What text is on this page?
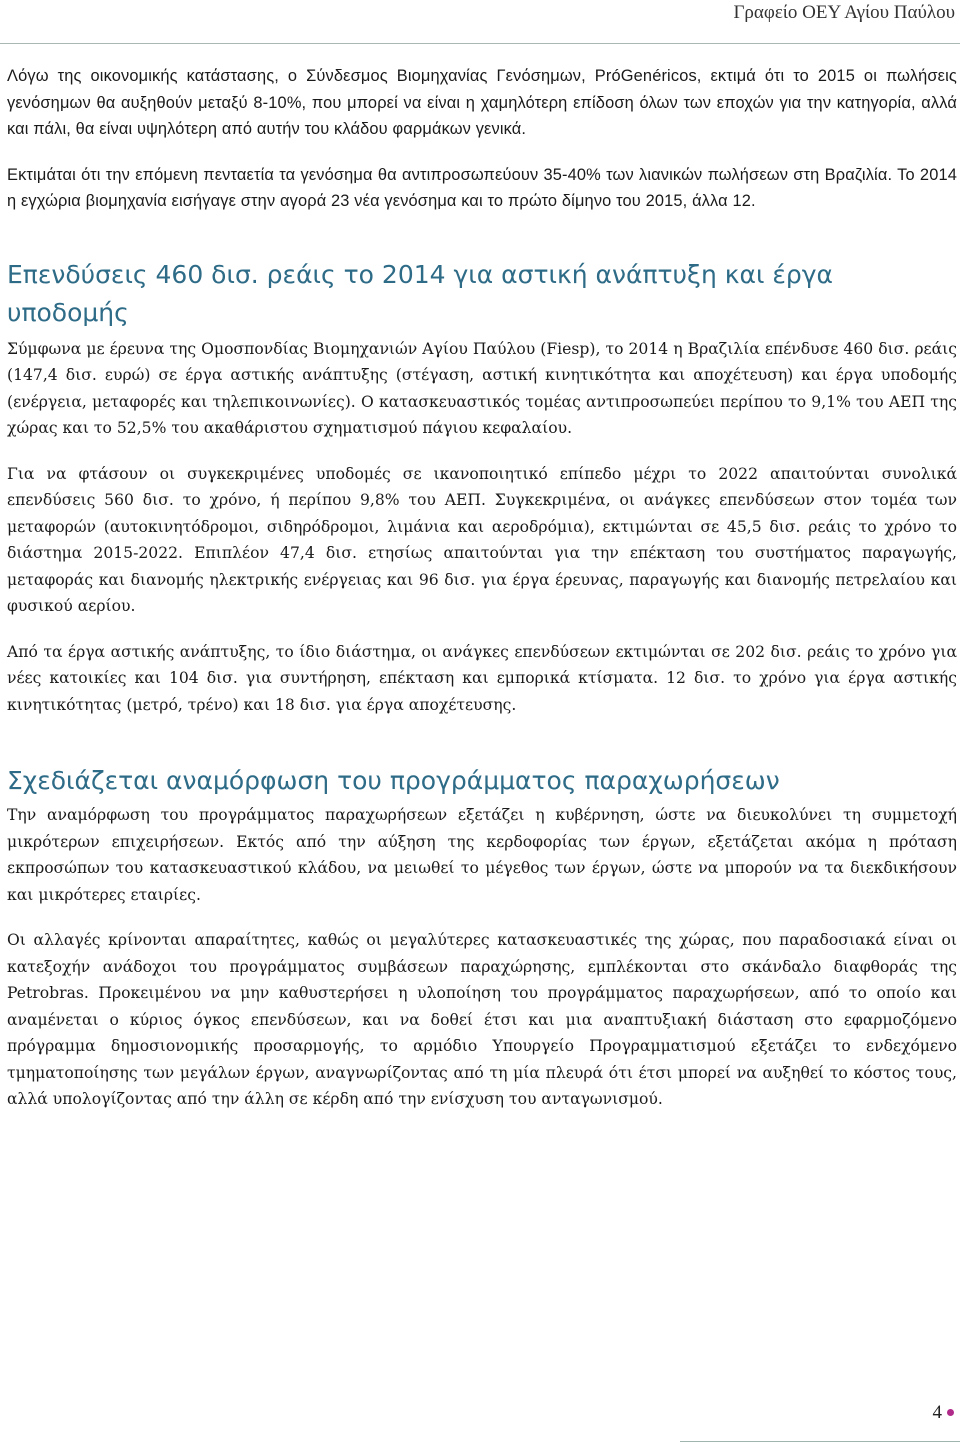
Γραφείο ΟΕΥ Αγίου Παύλου

Λόγω της οικονομικής κατάστασης, ο Σύνδεσμος Βιομηχανίας Γενόσημων, PróGenéricos, εκτιμά ότι το 2015 οι πωλήσεις γενόσημων θα αυξηθούν μεταξύ 8-10%, που μπορεί να είναι η χαμηλότερη επίδοση όλων των εποχών για την κατηγορία, αλλά και πάλι, θα είναι υψηλότερη από αυτήν του κλάδου φαρμάκων γενικά.

Εκτιμάται ότι την επόμενη πενταετία τα γενόσημα θα αντιπροσωπεύουν 35-40% των λιανικών πωλήσεων στη Βραζιλία. Το 2014 η εγχώρια βιομηχανία εισήγαγε στην αγορά 23 νέα γενόσημα και το πρώτο δίμηνο του 2015, άλλα 12.

Επενδύσεις 460 δισ. ρεάις το 2014 για αστική ανάπτυξη και έργα υποδομής

Σύμφωνα με έρευνα της Ομοσπονδίας Βιομηχανιών Αγίου Παύλου (Fiesp), το 2014 η Βραζιλία επένδυσε 460 δισ. ρεάις (147,4 δισ. ευρώ) σε έργα αστικής ανάπτυξης (στέγαση, αστική κινητικότητα και αποχέτευση) και έργα υποδομής (ενέργεια, μεταφορές και τηλεπικοινωνίες). Ο κατασκευαστικός τομέας αντιπροσωπεύει περίπου το 9,1% του ΑΕΠ της χώρας και το 52,5% του ακαθάριστου σχηματισμού πάγιου κεφαλαίου.

Για να φτάσουν οι συγκεκριμένες υποδομές σε ικανοποιητικό επίπεδο μέχρι το 2022 απαιτούνται συνολικά επενδύσεις 560 δισ. το χρόνο, ή περίπου 9,8% του ΑΕΠ. Συγκεκριμένα, οι ανάγκες επενδύσεων στον τομέα των μεταφορών (αυτοκινητόδρομοι, σιδηρόδρομοι, λιμάνια και αεροδρόμια), εκτιμώνται σε 45,5 δισ. ρεάις το χρόνο το διάστημα 2015-2022. Επιπλέον 47,4 δισ. ετησίως απαιτούνται για την επέκταση του συστήματος παραγωγής, μεταφοράς και διανομής ηλεκτρικής ενέργειας και 96 δισ. για έργα έρευνας, παραγωγής και διανομής πετρελαίου και φυσικού αερίου.

Από τα έργα αστικής ανάπτυξης, το ίδιο διάστημα, οι ανάγκες επενδύσεων εκτιμώνται σε 202 δισ. ρεάις το χρόνο για νέες κατοικίες και 104 δισ. για συντήρηση, επέκταση και εμπορικά κτίσματα. 12 δισ. το χρόνο για έργα αστικής κινητικότητας (μετρό, τρένο) και 18 δισ. για έργα αποχέτευσης.

Σχεδιάζεται αναμόρφωση του προγράμματος παραχωρήσεων

Την αναμόρφωση του προγράμματος παραχωρήσεων εξετάζει η κυβέρνηση, ώστε να διευκολύνει τη συμμετοχή μικρότερων επιχειρήσεων. Εκτός από την αύξηση της κερδοφορίας των έργων, εξετάζεται ακόμα η πρόταση εκπροσώπων του κατασκευαστικού κλάδου, να μειωθεί το μέγεθος των έργων, ώστε να μπορούν να τα διεκδικήσουν και μικρότερες εταιρίες.

Οι αλλαγές κρίνονται απαραίτητες, καθώς οι μεγαλύτερες κατασκευαστικές της χώρας, που παραδοσιακά είναι οι κατεξοχήν ανάδοχοι του προγράμματος συμβάσεων παραχώρησης, εμπλέκονται στο σκάνδαλο διαφθοράς της Petrobras. Προκειμένου να μην καθυστερήσει η υλοποίηση του προγράμματος παραχωρήσεων, από το οποίο και αναμένεται ο κύριος όγκος επενδύσεων, και να δοθεί έτσι και μια αναπτυξιακή διάσταση στο εφαρμοζόμενο πρόγραμμα δημοσιονομικής προσαρμογής, το αρμόδιο Υπουργείο Προγραμματισμού εξετάζει το ενδεχόμενο τμηματοποίησης των μεγάλων έργων, αναγνωρίζοντας από τη μία πλευρά ότι έτσι μπορεί να αυξηθεί το κόστος τους, αλλά υπολογίζοντας από την άλλη σε κέρδη από την ενίσχυση του ανταγωνισμού.

4
